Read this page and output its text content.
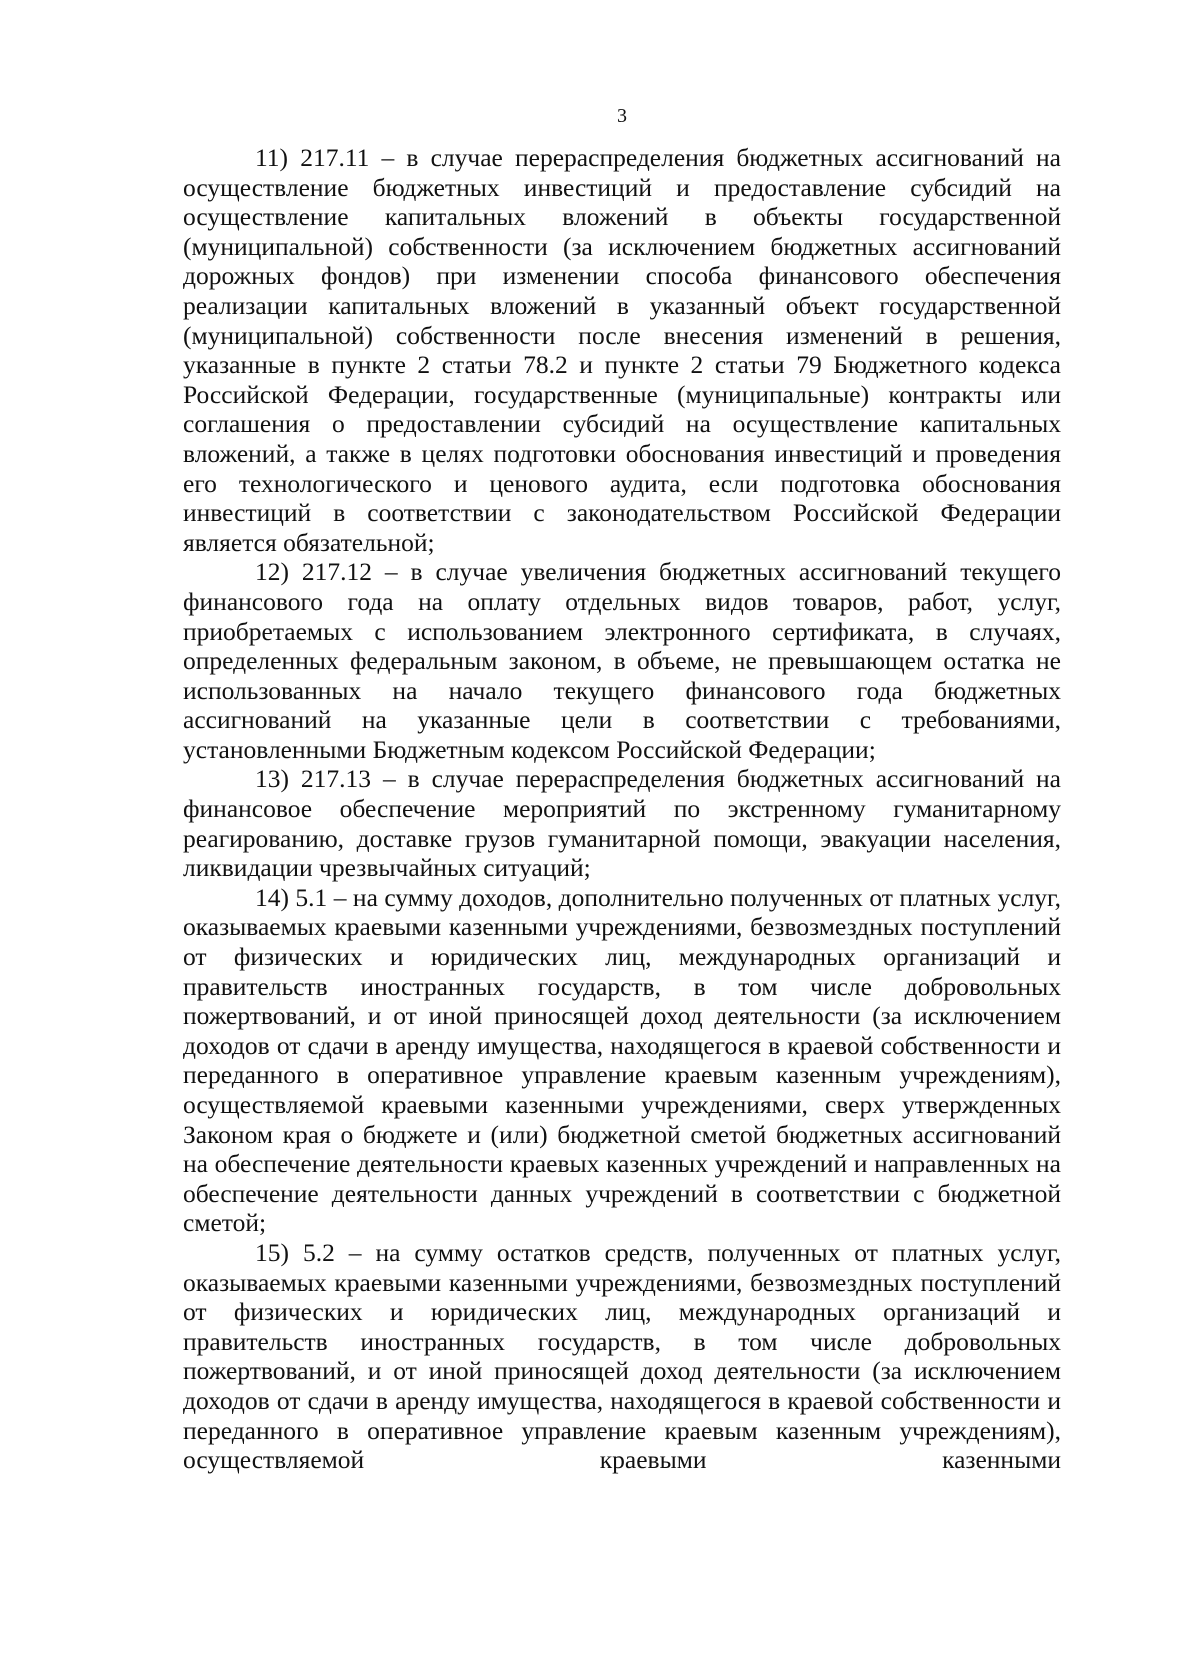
3

11) 217.11 – в случае перераспределения бюджетных ассигнований на осуществление бюджетных инвестиций и предоставление субсидий на осуществление капитальных вложений в объекты государственной (муниципальной) собственности (за исключением бюджетных ассигнований дорожных фондов) при изменении способа финансового обеспечения реализации капитальных вложений в указанный объект государственной (муниципальной) собственности после внесения изменений в решения, указанные в пункте 2 статьи 78.2 и пункте 2 статьи 79 Бюджетного кодекса Российской Федерации, государственные (муниципальные) контракты или соглашения о предоставлении субсидий на осуществление капитальных вложений, а также в целях подготовки обоснования инвестиций и проведения его технологического и ценового аудита, если подготовка обоснования инвестиций в соответствии с законодательством Российской Федерации является обязательной;

12) 217.12 – в случае увеличения бюджетных ассигнований текущего финансового года на оплату отдельных видов товаров, работ, услуг, приобретаемых с использованием электронного сертификата, в случаях, определенных федеральным законом, в объеме, не превышающем остатка не использованных на начало текущего финансового года бюджетных ассигнований на указанные цели в соответствии с требованиями, установленными Бюджетным кодексом Российской Федерации;

13) 217.13 – в случае перераспределения бюджетных ассигнований на финансовое обеспечение мероприятий по экстренному гуманитарному реагированию, доставке грузов гуманитарной помощи, эвакуации населения, ликвидации чрезвычайных ситуаций;

14) 5.1 – на сумму доходов, дополнительно полученных от платных услуг, оказываемых краевыми казенными учреждениями, безвозмездных поступлений от физических и юридических лиц, международных организаций и правительств иностранных государств, в том числе добровольных пожертвований, и от иной приносящей доход деятельности (за исключением доходов от сдачи в аренду имущества, находящегося в краевой собственности и переданного в оперативное управление краевым казенным учреждениям), осуществляемой краевыми казенными учреждениями, сверх утвержденных Законом края о бюджете и (или) бюджетной сметой бюджетных ассигнований на обеспечение деятельности краевых казенных учреждений и направленных на обеспечение деятельности данных учреждений в соответствии с бюджетной сметой;

15) 5.2 – на сумму остатков средств, полученных от платных услуг, оказываемых краевыми казенными учреждениями, безвозмездных поступлений от физических и юридических лиц, международных организаций и правительств иностранных государств, в том числе добровольных пожертвований, и от иной приносящей доход деятельности (за исключением доходов от сдачи в аренду имущества, находящегося в краевой собственности и переданного в оперативное управление краевым казенным учреждениям), осуществляемой краевыми казенными
